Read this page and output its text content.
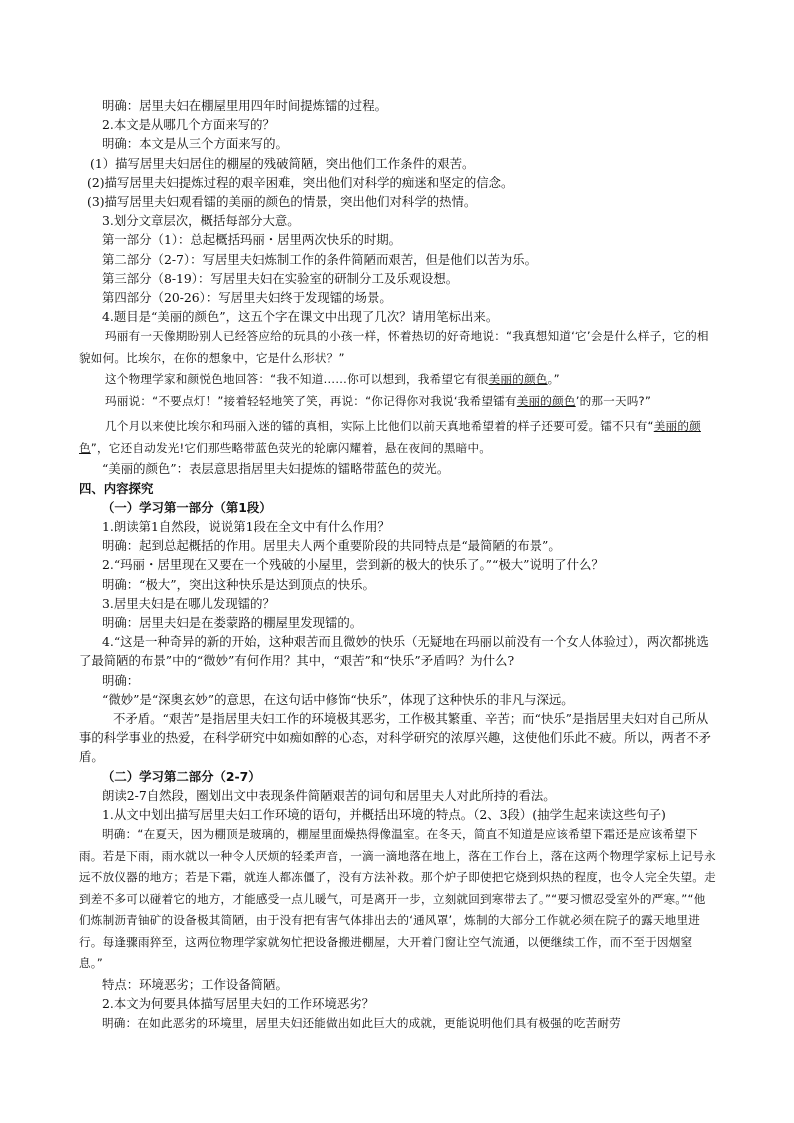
明确：居里夫妇在棚屋里用四年时间提炼镭的过程。

2.本文是从哪几个方面来写的？

明确：本文是从三个方面来写的。

(1）描写居里夫妇居住的棚屋的残破简陋，突出他们工作条件的艰苦。

(2)描写居里夫妇提炼过程的艰辛困难，突出他们对科学的痴迷和坚定的信念。

(3)描写居里夫妇观看镭的美丽的颜色的情景，突出他们对科学的热情。

3.划分文章层次，概括每部分大意。

第一部分（1）：总起概括玛丽・居里两次快乐的时期。

第二部分（2-7）：写居里夫妇炼制工作的条件简陋而艰苦，但是他们以苦为乐。

第三部分（8-19）：写居里夫妇在实验室的研制分工及乐观设想。

第四部分（20-26）：写居里夫妇终于发现镭的场景。

4.题目是“美丽的颜色”，这五个字在课文中出现了几次？请用笔标出来。

玛丽有一天像期盼别人已经答应给的玩具的小孩一样，怀着热切的好奇地说：“我真想知道‘它’会是什么样子，它的相貌如何。比埃尔，在你的想象中，它是什么形状？”

这个物理学家和颜悦色地回答：“我不知道……你可以想到，我希望它有很美丽的颜色。”

玛丽说：“不要点灯！”接着轻轻地笑了笑，再说：“你记得你对我说‘我希望镭有美丽的颜色’的那一天吗?”

几个月以来使比埃尔和玛丽入迷的镭的真相，实际上比他们以前天真地希望着的样子还要可爱。镭不只有“美丽的颜色”，它还自动发光!它们那些略带蓝色荧光的轮廓闪耀着，悬在夜间的黑暗中。

“美丽的颜色”：表层意思指居里夫妇提炼的镭略带蓝色的荧光。

四、内容探究

（一）学习第一部分（第1段）

1.朗读第1自然段，说说第1段在全文中有什么作用？

明确：起到总起概括的作用。居里夫人两个重要阶段的共同特点是“最简陋的布景”。

2.“玛丽・居里现在又要在一个残破的小屋里，尝到新的极大的快乐了。”“极大”说明了什么？

明确：“极大”，突出这种快乐是达到顶点的快乐。

3.居里夫妇是在哪儿发现镭的？

明确：居里夫妇是在娄蒙路的棚屋里发现镭的。

4.“这是一种奇异的新的开始，这种艰苦而且微妙的快乐（无疑地在玛丽以前没有一个女人体验过），两次都挑选了最简陋的布景”中的“微妙”有何作用？其中，“艰苦”和“快乐”矛盾吗？为什么?

明确：

“微妙”是“深奥玄妙”的意思，在这句话中修饰“快乐”，体现了这种快乐的非凡与深远。

不矛盾。“艰苦”是指居里夫妇工作的环境极其恶劣，工作极其繁重、辛苦；而“快乐”是指居里夫妇对自己所从事的科学事业的热爱，在科学研究中如痴如醉的心态，对科学研究的浓厚兴趣，这使他们乐此不疲。所以，两者不矛盾。

（二）学习第二部分（2-7）

朗读2-7自然段，圈划出文中表现条件简陋艰苦的词句和居里夫人对此所持的看法。

1.从文中划出描写居里夫妇工作环境的语句，并概括出环境的特点。（2、3段）(抽学生起来读这些句子)

明确：“在夏天，因为棚顶是玻璃的，棚屋里面燥热得像温室。在冬天，简直不知道是应该希望下霜还是应该希望下雨。若是下雨，雨水就以一种令人厌烦的轻柔声音，一滴一滴地落在地上，落在工作台上，落在这两个物理学家标上记号永远不放仪器的地方；若是下霜，就连人都冻僵了，没有方法补救。那个炉子即使把它烧到炽热的程度，也令人完全失望。走到差不多可以碰着它的地方，才能感受一点儿暖气，可是离开一步，立刻就回到寒带去了。”“要习惯忍受室外的严寒。”“他们炼制沥青铀矿的设备极其简陋，由于没有把有害气体排出去的‘通风罩’，炼制的大部分工作就必须在院子的露天地里进行。每逢骤雨猝至，这两位物理学家就匆忙把设备搬进棚屋，大开着门窗让空气流通，以便继续工作，而不至于因烟窒息。”

特点：环境恶劣；工作设备简陋。

2.本文为何要具体描写居里夫妇的工作环境恶劣？

明确：在如此恶劣的环境里，居里夫妇还能做出如此巨大的成就，更能说明他们具有极强的吃苦耐劳
